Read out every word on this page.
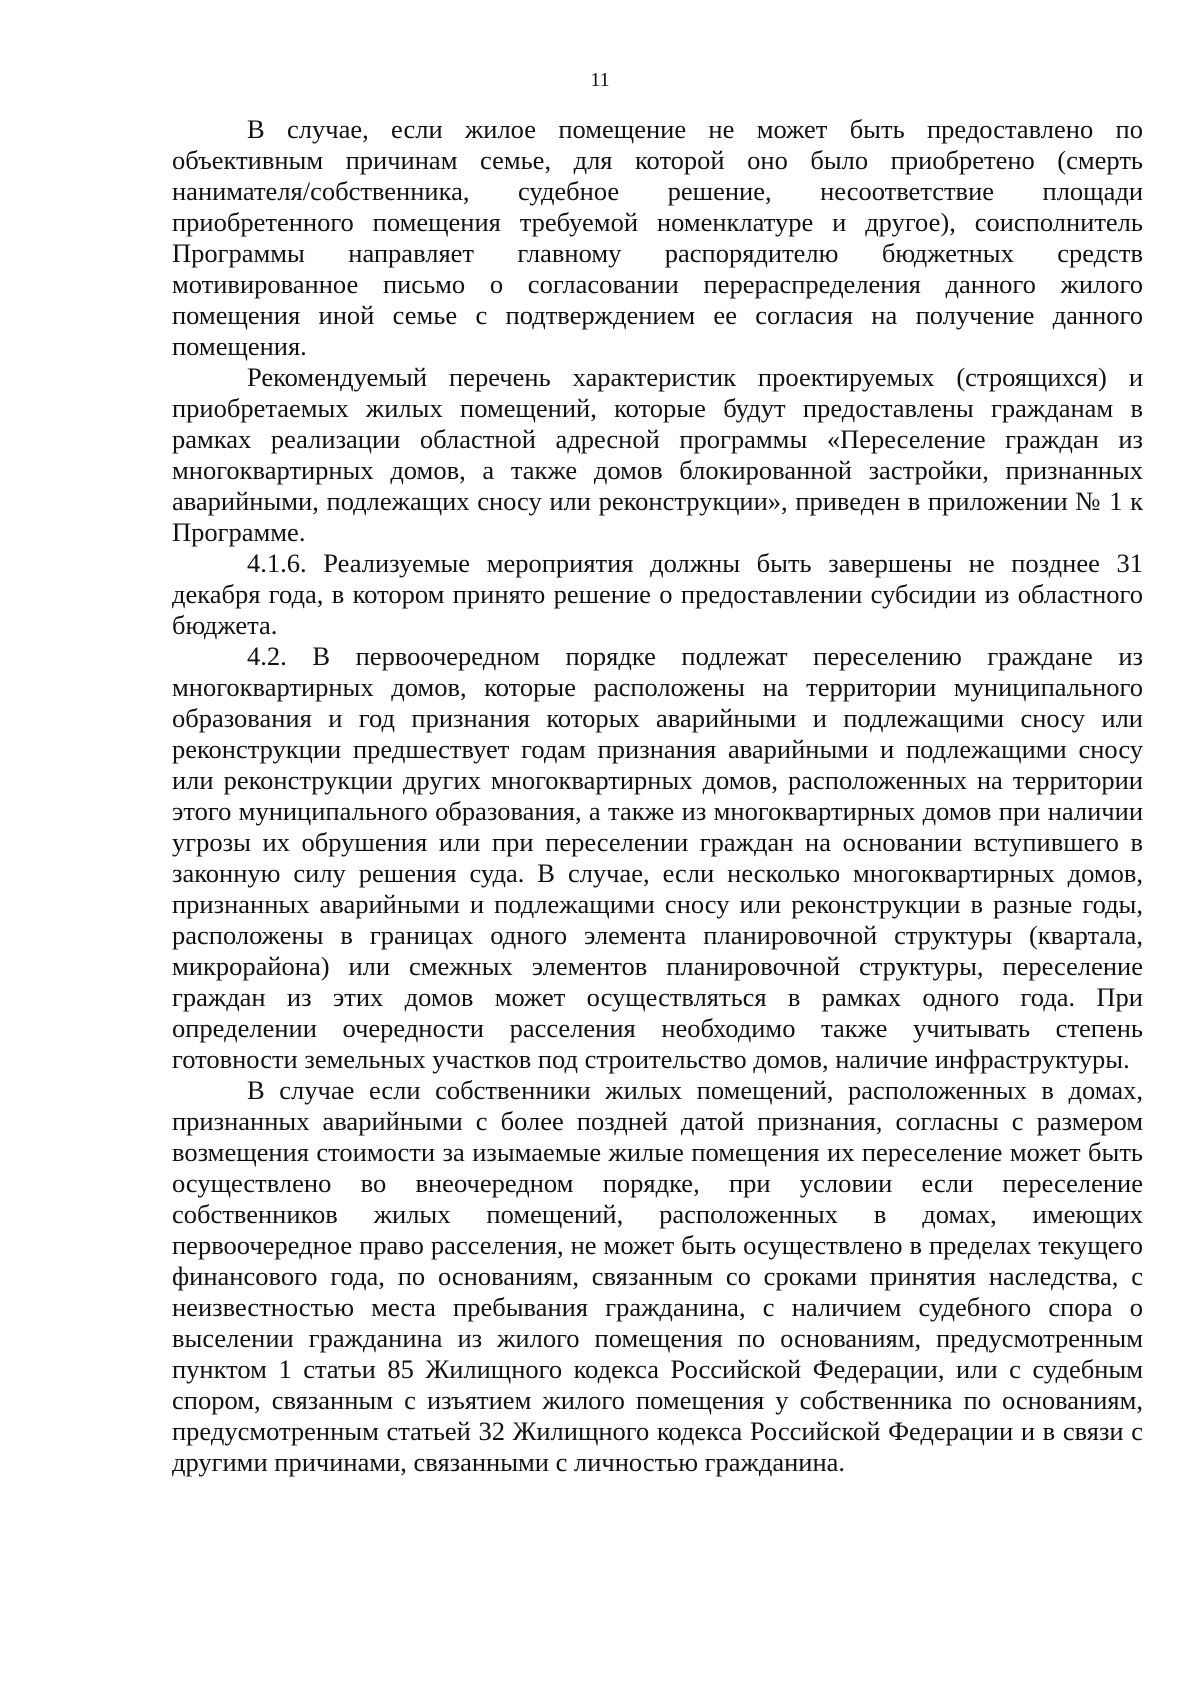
11

В случае, если жилое помещение не может быть предоставлено по объективным причинам семье, для которой оно было приобретено (смерть нанимателя/собственника, судебное решение, несоответствие площади приобретенного помещения требуемой номенклатуре и другое), соисполнитель Программы направляет главному распорядителю бюджетных средств мотивированное письмо о согласовании перераспределения данного жилого помещения иной семье с подтверждением ее согласия на получение данного помещения.

Рекомендуемый перечень характеристик проектируемых (строящихся) и приобретаемых жилых помещений, которые будут предоставлены гражданам в рамках реализации областной адресной программы «Переселение граждан из многоквартирных домов, а также домов блокированной застройки, признанных аварийными, подлежащих сносу или реконструкции», приведен в приложении № 1 к Программе.

4.1.6. Реализуемые мероприятия должны быть завершены не позднее 31 декабря года, в котором принято решение о предоставлении субсидии из областного бюджета.

4.2. В первоочередном порядке подлежат переселению граждане из многоквартирных домов, которые расположены на территории муниципального образования и год признания которых аварийными и подлежащими сносу или реконструкции предшествует годам признания аварийными и подлежащими сносу или реконструкции других многоквартирных домов, расположенных на территории этого муниципального образования, а также из многоквартирных домов при наличии угрозы их обрушения или при переселении граждан на основании вступившего в законную силу решения суда. В случае, если несколько многоквартирных домов, признанных аварийными и подлежащими сносу или реконструкции в разные годы, расположены в границах одного элемента планировочной структуры (квартала, микрорайона) или смежных элементов планировочной структуры, переселение граждан из этих домов может осуществляться в рамках одного года. При определении очередности расселения необходимо также учитывать степень готовности земельных участков под строительство домов, наличие инфраструктуры.

В случае если собственники жилых помещений, расположенных в домах, признанных аварийными с более поздней датой признания, согласны с размером возмещения стоимости за изымаемые жилые помещения их переселение может быть осуществлено во внеочередном порядке, при условии если переселение собственников жилых помещений, расположенных в домах, имеющих первоочередное право расселения, не может быть осуществлено в пределах текущего финансового года, по основаниям, связанным со сроками принятия наследства, с неизвестностью места пребывания гражданина, с наличием судебного спора о выселении гражданина из жилого помещения по основаниям, предусмотренным пунктом 1 статьи 85 Жилищного кодекса Российской Федерации, или с судебным спором, связанным с изъятием жилого помещения у собственника по основаниям, предусмотренным статьей 32 Жилищного кодекса Российской Федерации и в связи с другими причинами, связанными с личностью гражданина.
